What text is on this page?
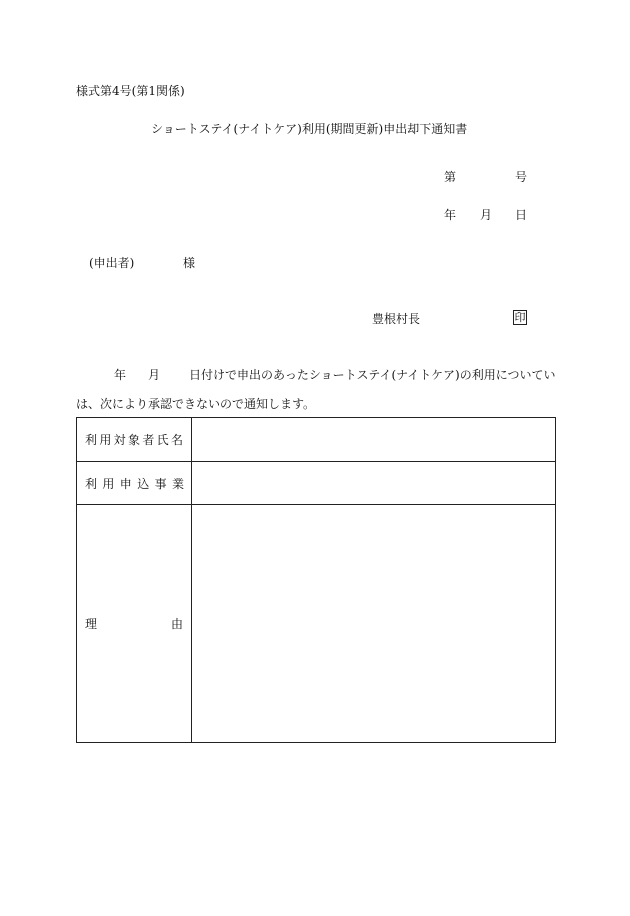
様式第4号(第1関係)
ショートステイ(ナイトケア)利用(期間更新)申出却下通知書
第	号
年 月 日
(申出者)	様
豊根村長	印
年 月 日付けで申出のあったショートステイ(ナイトケア)の利用についてい
は、次により承認できないので通知します。
利用対象者氏名	
利用申込事業	
理由	
